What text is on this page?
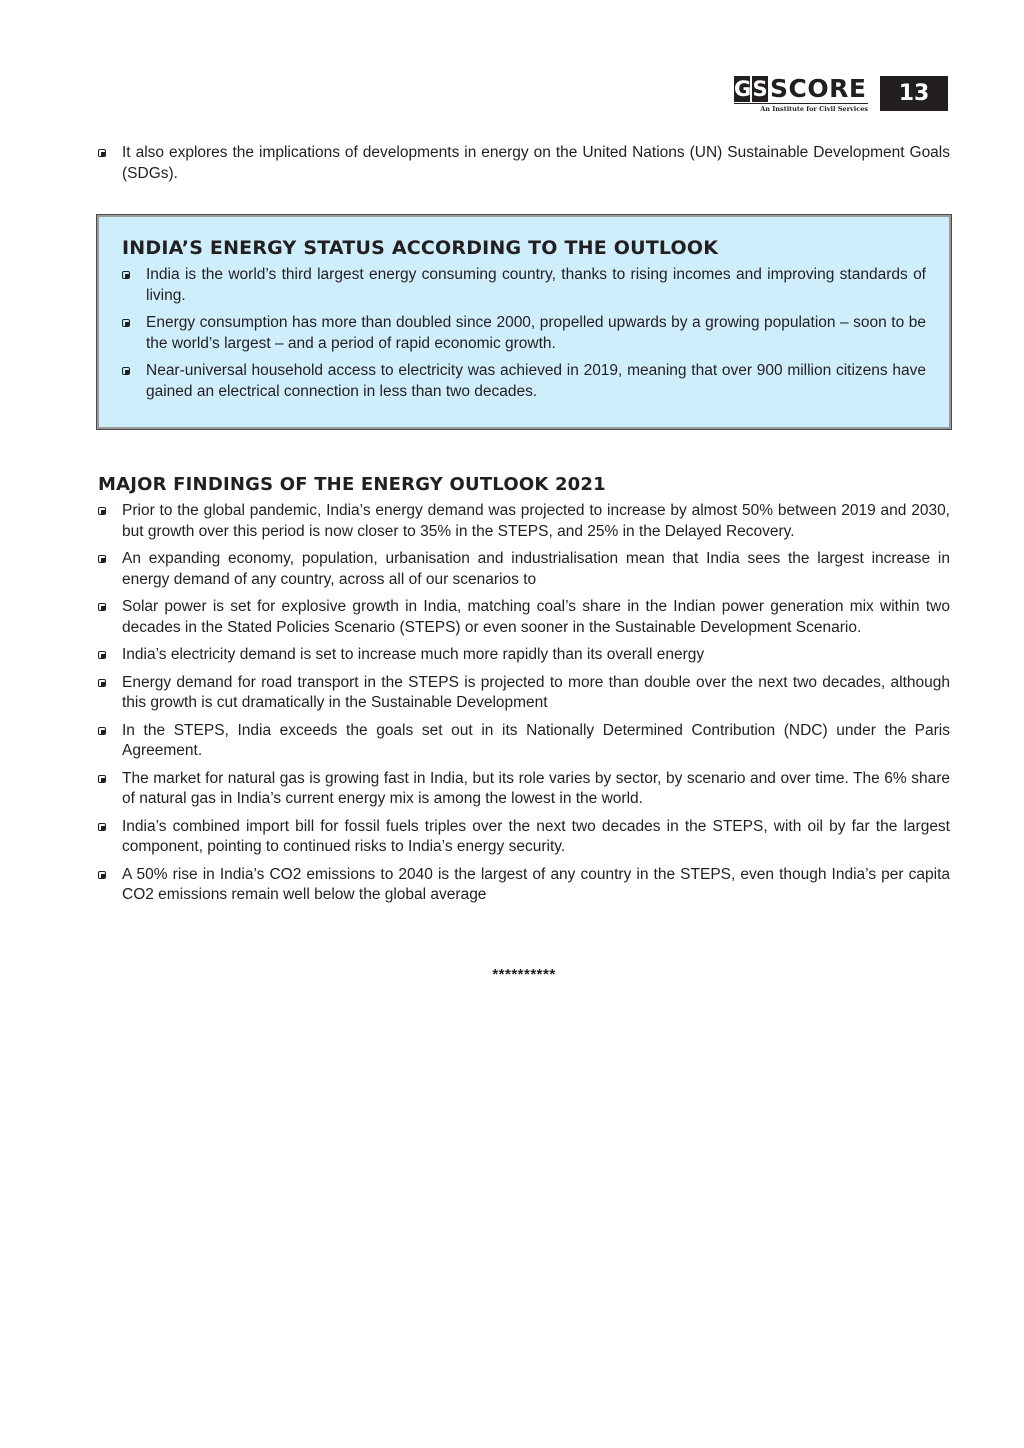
G S SCORE
An Institute for Civil Services
13
It also explores the implications of developments in energy on the United Nations (UN) Sustainable Development Goals (SDGs).
INDIA’S ENERGY STATUS ACCORDING TO THE OUTLOOK
India is the world’s third largest energy consuming country, thanks to rising incomes and improving standards of living.
Energy consumption has more than doubled since 2000, propelled upwards by a growing population – soon to be the world’s largest – and a period of rapid economic growth.
Near-universal household access to electricity was achieved in 2019, meaning that over 900 million citizens have gained an electrical connection in less than two decades.
MAJOR FINDINGS OF THE ENERGY OUTLOOK 2021
Prior to the global pandemic, India’s energy demand was projected to increase by almost 50% between 2019 and 2030, but growth over this period is now closer to 35% in the STEPS, and 25% in the Delayed Recovery.
An expanding economy, population, urbanisation and industrialisation mean that India sees the largest increase in energy demand of any country, across all of our scenarios to
Solar power is set for explosive growth in India, matching coal’s share in the Indian power generation mix within two decades in the Stated Policies Scenario (STEPS) or even sooner in the Sustainable Development Scenario.
India’s electricity demand is set to increase much more rapidly than its overall energy
Energy demand for road transport in the STEPS is projected to more than double over the next two decades, although this growth is cut dramatically in the Sustainable Development
In the STEPS, India exceeds the goals set out in its Nationally Determined Contribution (NDC) under the Paris Agreement.
The market for natural gas is growing fast in India, but its role varies by sector, by scenario and over time. The 6% share of natural gas in India’s current energy mix is among the lowest in the world.
India’s combined import bill for fossil fuels triples over the next two decades in the STEPS, with oil by far the largest component, pointing to continued risks to India’s energy security.
A 50% rise in India’s CO2 emissions to 2040 is the largest of any country in the STEPS, even though India’s per capita CO2 emissions remain well below the global average
**********
